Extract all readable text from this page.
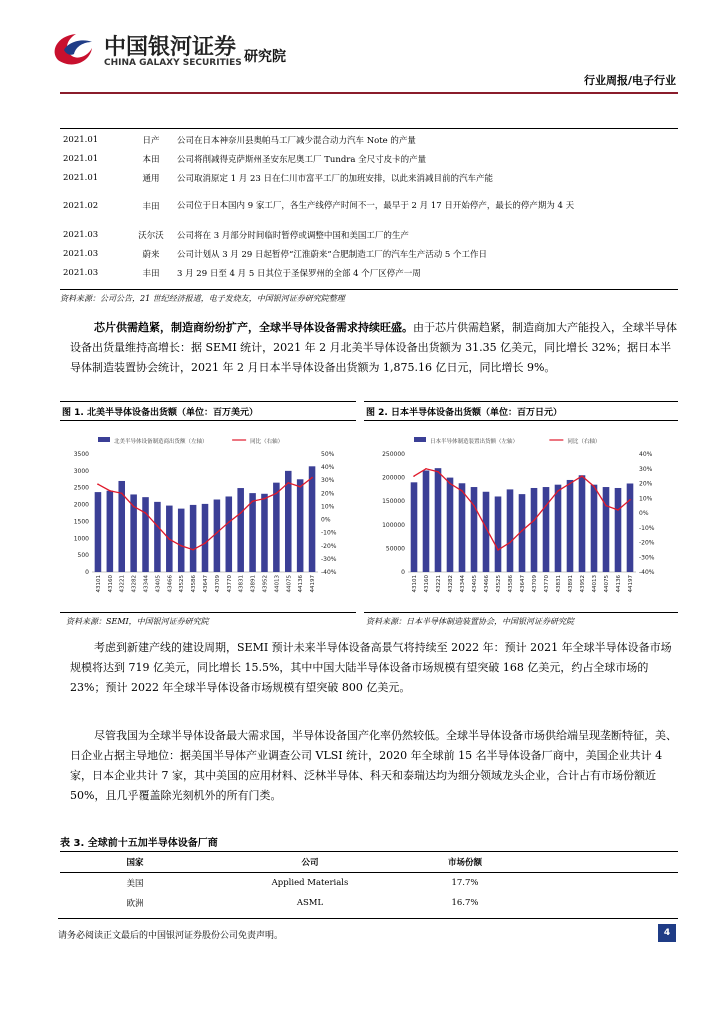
中国银河证券
CHINA GALAXY SECURITIES 研究院
行业周报/电子行业
2021.01	日产	公司在日本神奈川县奥帕马工厂减少混合动力汽车 Note 的产量
2021.01	本田	公司将削减得克萨斯州圣安东尼奥工厂 Tundra 全尺寸皮卡的产量
2021.01	通用	公司取消原定 1 月 23 日在仁川市富平工厂的加班安排，以此来消减目前的汽车产能
2021.02	丰田	公司位于日本国内 9 家工厂，各生产线停产时间不一，最早于 2 月 17 日开始停产，最长的停产期为 4 天
2021.03	沃尔沃	公司将在 3 月部分时间临时暂停或调整中国和美国工厂的生产
2021.03	蔚来	公司计划从 3 月 29 日起暂停“江淮蔚来”合肥制造工厂的汽车生产活动 5 个工作日
2021.03	丰田	3 月 29 日至 4 月 5 日其位于圣保罗州的全部 4 个厂区停产一周
资料来源：公司公告，21 世纪经济报道，电子发烧友，中国银河证券研究院整理

芯片供需趋紧，制造商纷纷扩产，全球半导体设备需求持续旺盛。由于芯片供需趋紧，制造商加大产能投入，全球半导体设备出货量维持高增长：据 SEMI 统计，2021 年 2 月北美半导体设备出货额为 31.35 亿美元，同比增长 32%；据日本半导体制造装置协会统计，2021 年 2 月日本半导体设备出货额为 1,875.16 亿日元，同比增长 9%。

图 1. 北美半导体设备出货额（单位：百万美元）	图 2. 日本半导体设备出货额（单位：百万日元）
北美半导体设备制造商出货额（左轴）	同比（右轴）
3500
3000
2500
2000
1500
1000
500
0
50%
40%
30%
20%
10%
0%
-10%
-20%
-30%
-40%
43101 43160 43221 43282 43344 43405 43466 43525 43586 43647 43709 43770 43831 43891 43952 44013 44075 44136 44197
日本半导体制造装置出货额（左轴）	同比（右轴）
250000
200000
150000
100000
50000
0
40%
30%
20%
10%
0%
-10%
-20%
-30%
-40%
43101 43160 43221 43282 43344 43405 43466 43525 43586 43647 43709 43770 43831 43891 43952 44013 44075 44136 44197
资料来源：SEMI，中国银河证券研究院	资料来源：日本半导体制造装置协会，中国银河证券研究院

考虑到新建产线的建设周期，SEMI 预计未来半导体设备高景气将持续至 2022 年：预计 2021 年全球半导体设备市场规模将达到 719 亿美元，同比增长 15.5%，其中中国大陆半导体设备市场规模有望突破 168 亿美元，约占全球市场的 23%；预计 2022 年全球半导体设备市场规模有望突破 800 亿美元。

尽管我国为全球半导体设备最大需求国，半导体设备国产化率仍然较低。全球半导体设备市场供给端呈现垄断特征，美、日企业占据主导地位：据美国半导体产业调查公司 VLSI 统计，2020 年全球前 15 名半导体设备厂商中，美国企业共计 4 家，日本企业共计 7 家，其中美国的应用材料、泛林半导体、科天和泰瑞达均为细分领域龙头企业，合计占有市场份额近 50%，且几乎覆盖除光刻机外的所有门类。

表 3. 全球前十五加半导体设备厂商
国家	公司	市场份额
美国	Applied Materials	17.7%
欧洲	ASML	16.7%
请务必阅读正文最后的中国银河证券股份公司免责声明。	4
